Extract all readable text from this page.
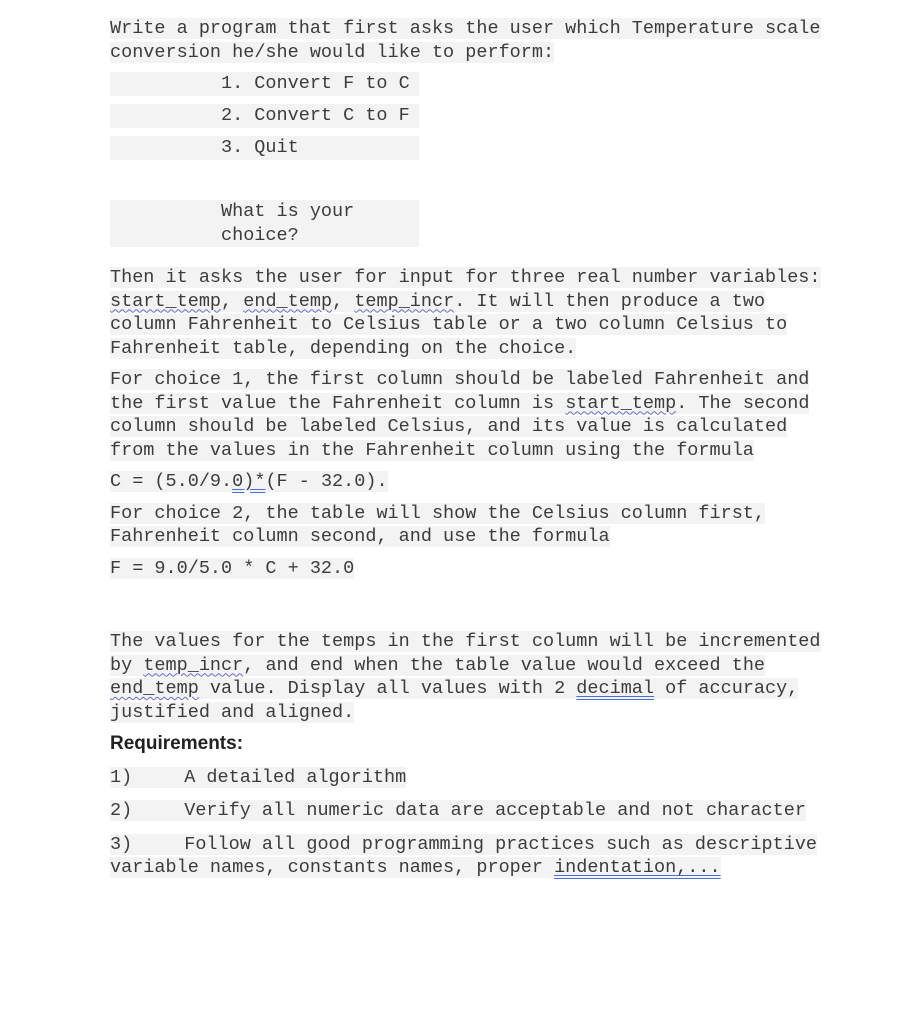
Write a program that first asks the user which Temperature scale conversion he/she would like to perform:

1. Convert F to C
2. Convert C to F
3. Quit
What is your choice?

Then it asks the user for input for three real number variables: start_temp, end_temp, temp_incr. It will then produce a two column Fahrenheit to Celsius table or a two column Celsius to Fahrenheit table, depending on the choice.

For choice 1, the first column should be labeled Fahrenheit and the first value the Fahrenheit column is start_temp. The second column should be labeled Celsius, and its value is calculated from the values in the Fahrenheit column using the formula

C = (5.0/9.0)*(F - 32.0).

For choice 2, the table will show the Celsius column first, Fahrenheit column second, and use the formula

F = 9.0/5.0 * C + 32.0

The values for the temps in the first column will be incremented by temp_incr, and end when the table value would exceed the end_temp value. Display all values with 2 decimal of accuracy, justified and aligned.

Requirements:

1)	A detailed algorithm

2)	Verify all numeric data are acceptable and not character

3)	Follow all good programming practices such as descriptive variable names, constants names, proper indentation,...
